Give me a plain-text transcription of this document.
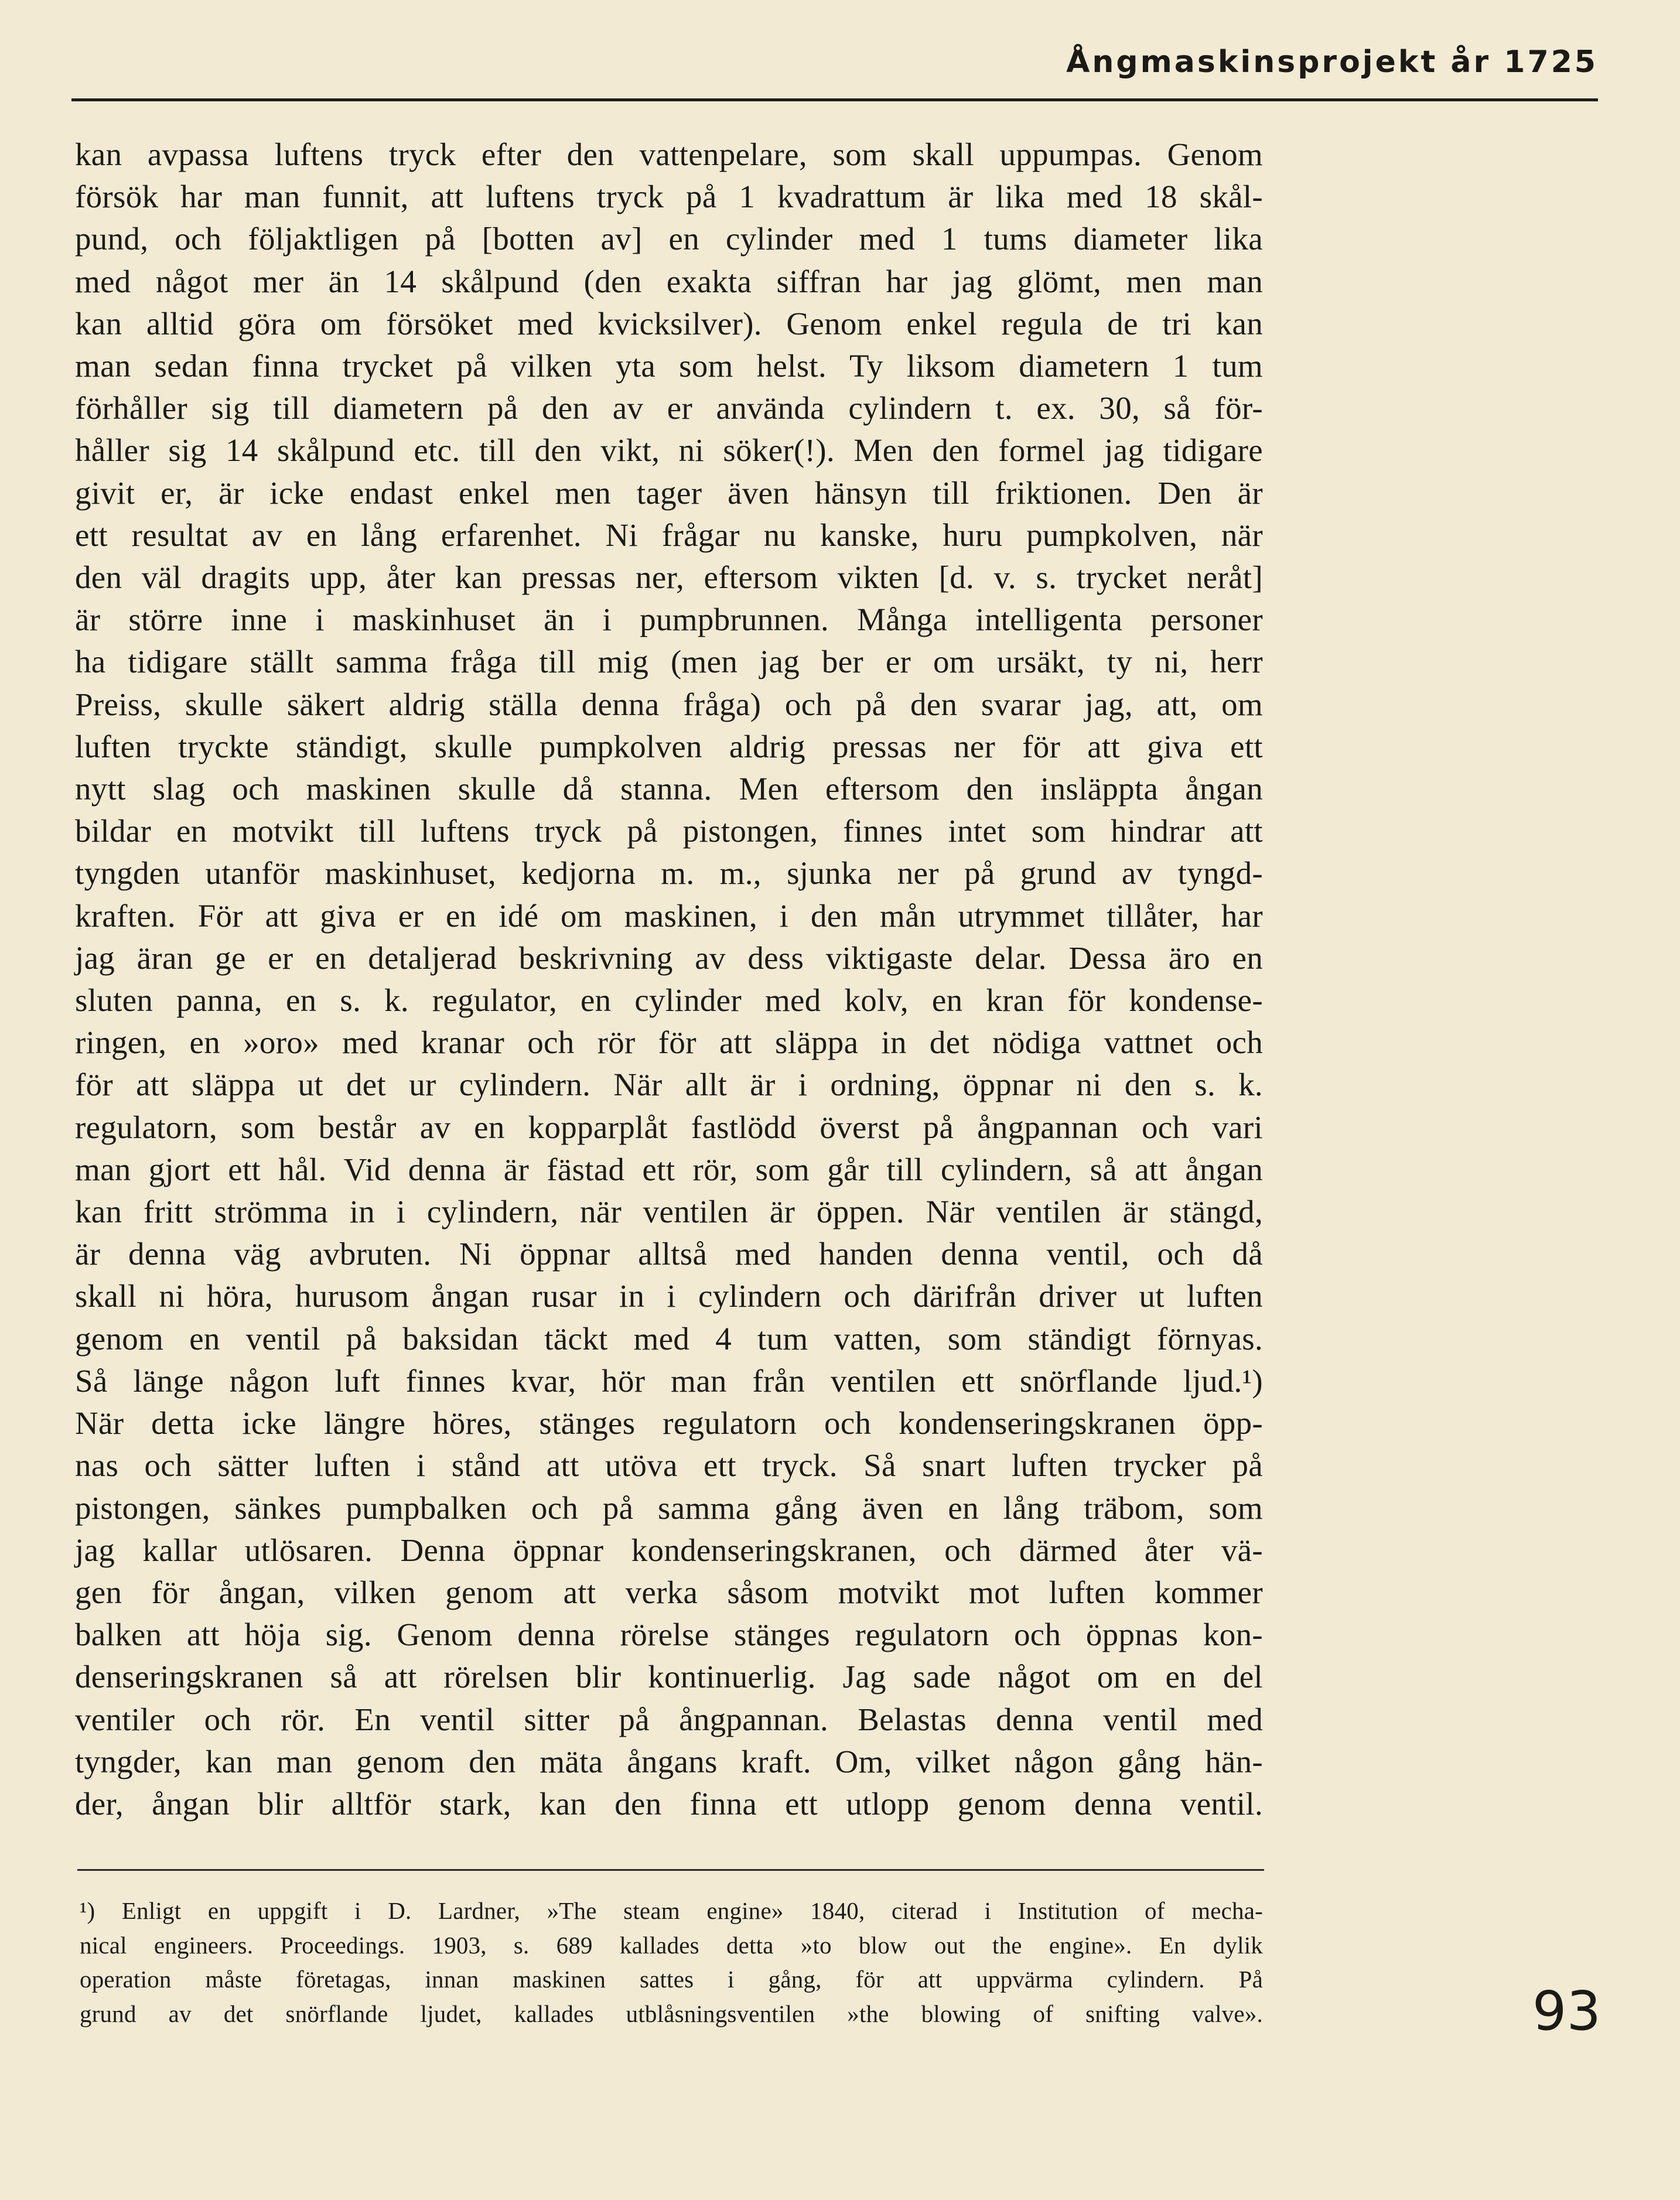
Ångmaskinsprojekt år 1725

kan avpassa luftens tryck efter den vattenpelare, som skall uppumpas. Genom
försök har man funnit, att luftens tryck på 1 kvadrattum är lika med 18 skål-
pund, och följaktligen på [botten av] en cylinder med 1 tums diameter lika
med något mer än 14 skålpund (den exakta siffran har jag glömt, men man
kan alltid göra om försöket med kvicksilver). Genom enkel regula de tri kan
man sedan finna trycket på vilken yta som helst. Ty liksom diametern 1 tum
förhåller sig till diametern på den av er använda cylindern t. ex. 30, så för-
håller sig 14 skålpund etc. till den vikt, ni söker(!). Men den formel jag tidigare
givit er, är icke endast enkel men tager även hänsyn till friktionen. Den är
ett resultat av en lång erfarenhet. Ni frågar nu kanske, huru pumpkolven, när
den väl dragits upp, åter kan pressas ner, eftersom vikten [d. v. s. trycket neråt]
är större inne i maskinhuset än i pumpbrunnen. Många intelligenta personer
ha tidigare ställt samma fråga till mig (men jag ber er om ursäkt, ty ni, herr
Preiss, skulle säkert aldrig ställa denna fråga) och på den svarar jag, att, om
luften tryckte ständigt, skulle pumpkolven aldrig pressas ner för att giva ett
nytt slag och maskinen skulle då stanna. Men eftersom den insläppta ångan
bildar en motvikt till luftens tryck på pistongen, finnes intet som hindrar att
tyngden utanför maskinhuset, kedjorna m. m., sjunka ner på grund av tyngd-
kraften. För att giva er en idé om maskinen, i den mån utrymmet tillåter, har
jag äran ge er en detaljerad beskrivning av dess viktigaste delar. Dessa äro en
sluten panna, en s. k. regulator, en cylinder med kolv, en kran för kondense-
ringen, en »oro» med kranar och rör för att släppa in det nödiga vattnet och
för att släppa ut det ur cylindern. När allt är i ordning, öppnar ni den s. k.
regulatorn, som består av en kopparplåt fastlödd överst på ångpannan och vari
man gjort ett hål. Vid denna är fästad ett rör, som går till cylindern, så att ångan
kan fritt strömma in i cylindern, när ventilen är öppen. När ventilen är stängd,
är denna väg avbruten. Ni öppnar alltså med handen denna ventil, och då
skall ni höra, hurusom ångan rusar in i cylindern och därifrån driver ut luften
genom en ventil på baksidan täckt med 4 tum vatten, som ständigt förnyas.
Så länge någon luft finnes kvar, hör man från ventilen ett snörflande ljud.¹)
När detta icke längre höres, stänges regulatorn och kondenseringskranen öpp-
nas och sätter luften i stånd att utöva ett tryck. Så snart luften trycker på
pistongen, sänkes pumpbalken och på samma gång även en lång träbom, som
jag kallar utlösaren. Denna öppnar kondenseringskranen, och därmed åter vä-
gen för ångan, vilken genom att verka såsom motvikt mot luften kommer
balken att höja sig. Genom denna rörelse stänges regulatorn och öppnas kon-
denseringskranen så att rörelsen blir kontinuerlig. Jag sade något om en del
ventiler och rör. En ventil sitter på ångpannan. Belastas denna ventil med
tyngder, kan man genom den mäta ångans kraft. Om, vilket någon gång hän-
der, ångan blir alltför stark, kan den finna ett utlopp genom denna ventil.

¹) Enligt en uppgift i D. Lardner, »The steam engine» 1840, citerad i Institution of mecha-
nical engineers. Proceedings. 1903, s. 689 kallades detta »to blow out the engine». En dylik
operation måste företagas, innan maskinen sattes i gång, för att uppvärma cylindern. På
grund av det snörflande ljudet, kallades utblåsningsventilen »the blowing of snifting valve».	93
